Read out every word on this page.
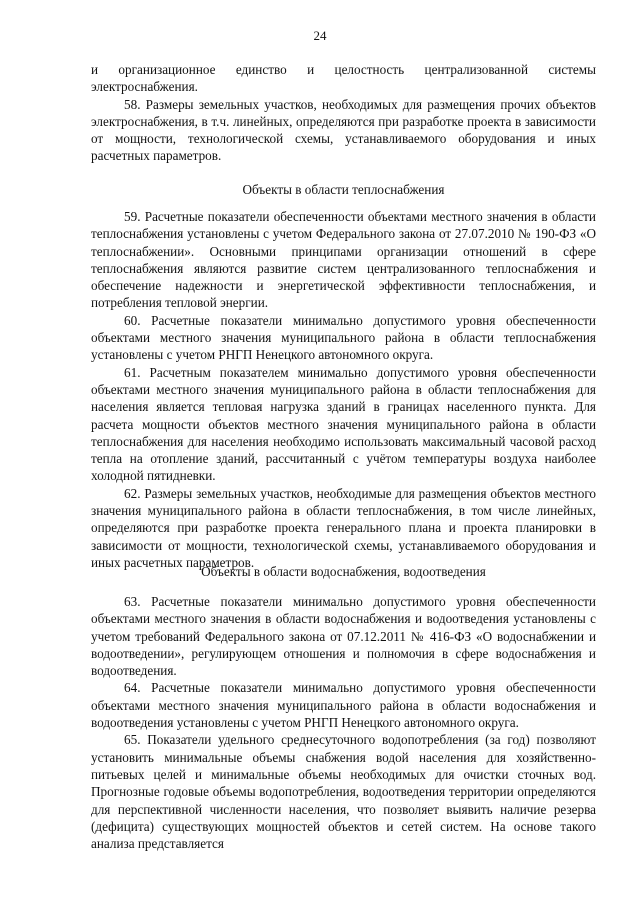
24

и организационное единство и целостность централизованной системы электроснабжения.

58. Размеры земельных участков, необходимых для размещения прочих объектов электроснабжения, в т.ч. линейных, определяются при разработке проекта в зависимости от мощности, технологической схемы, устанавливаемого оборудования и иных расчетных параметров.

Объекты в области теплоснабжения

59. Расчетные показатели обеспеченности объектами местного значения в области теплоснабжения установлены с учетом Федерального закона от 27.07.2010 № 190-ФЗ «О теплоснабжении». Основными принципами организации отношений в сфере теплоснабжения являются развитие систем централизованного теплоснабжения и обеспечение надежности и энергетической эффективности теплоснабжения, и потребления тепловой энергии.

60. Расчетные показатели минимально допустимого уровня обеспеченности объектами местного значения муниципального района в области теплоснабжения установлены с учетом РНГП Ненецкого автономного округа.

61. Расчетным показателем минимально допустимого уровня обеспеченности объектами местного значения муниципального района в области теплоснабжения для населения является тепловая нагрузка зданий в границах населенного пункта. Для расчета мощности объектов местного значения муниципального района в области теплоснабжения для населения необходимо использовать максимальный часовой расход тепла на отопление зданий, рассчитанный с учётом температуры воздуха наиболее холодной пятидневки.

62. Размеры земельных участков, необходимые для размещения объектов местного значения муниципального района в области теплоснабжения, в том числе линейных, определяются при разработке проекта генерального плана и проекта планировки в зависимости от мощности, технологической схемы, устанавливаемого оборудования и иных расчетных параметров.

Объекты в области водоснабжения, водоотведения

63. Расчетные показатели минимально допустимого уровня обеспеченности объектами местного значения в области водоснабжения и водоотведения установлены с учетом требований Федерального закона от 07.12.2011 № 416-ФЗ «О водоснабжении и водоотведении», регулирующем отношения и полномочия в сфере водоснабжения и водоотведения.

64. Расчетные показатели минимально допустимого уровня обеспеченности объектами местного значения муниципального района в области водоснабжения и водоотведения установлены с учетом РНГП Ненецкого автономного округа.

65. Показатели удельного среднесуточного водопотребления (за год) позволяют установить минимальные объемы снабжения водой населения для хозяйственно-питьевых целей и минимальные объемы необходимых для очистки сточных вод. Прогнозные годовые объемы водопотребления, водоотведения территории определяются для перспективной численности населения, что позволяет выявить наличие резерва (дефицита) существующих мощностей объектов и сетей систем. На основе такого анализа представляется
